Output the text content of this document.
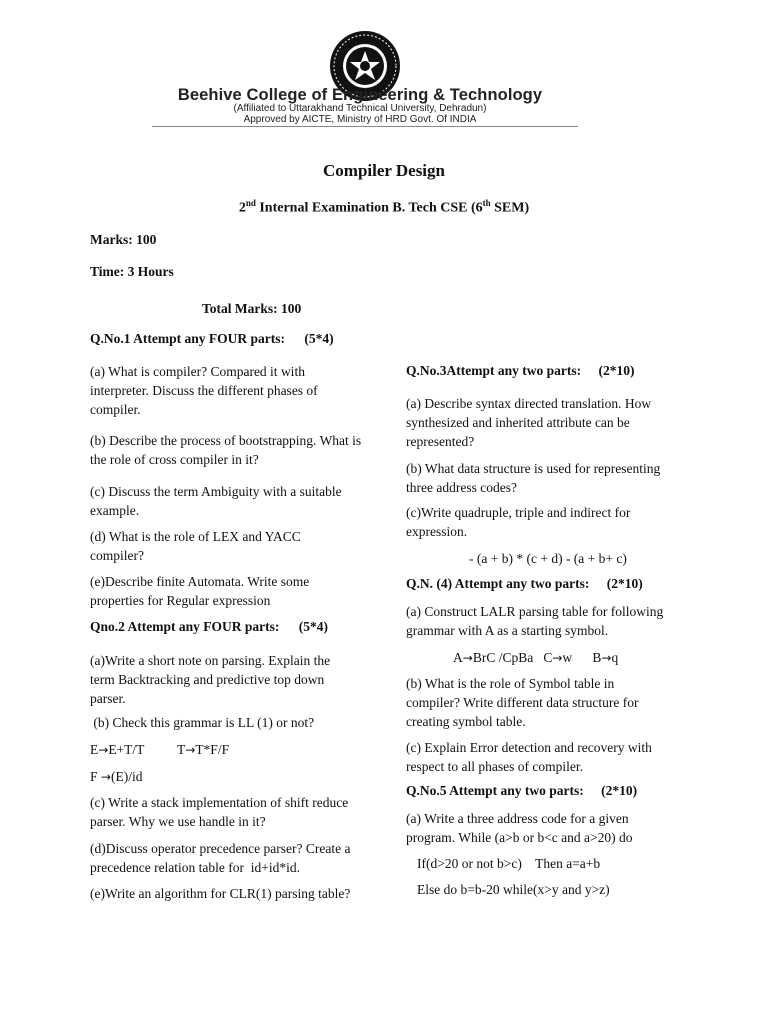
Beehive College of Engineering & Technology
(Affiliated to Uttarakhand Technical University, Dehradun)
Approved by AICTE, Ministry of HRD Govt. Of INDIA
Compiler Design
2nd Internal Examination B. Tech CSE (6th SEM)
Marks: 100
Time: 3 Hours
Total Marks: 100
Q.No.1 Attempt any FOUR parts: (5*4)
(a) What is compiler? Compared it with interpreter. Discuss the different phases of compiler.
(b) Describe the process of bootstrapping. What is the role of cross compiler in it?
(c) Discuss the term Ambiguity with a suitable example.
(d) What is the role of LEX and YACC compiler?
(e)Describe finite Automata. Write some properties for Regular expression
Qno.2 Attempt any FOUR parts: (5*4)
(a)Write a short note on parsing. Explain the term Backtracking and predictive top down parser.
(b) Check this grammar is LL (1) or not?
E→E+T/T T→T*F/F
F →(E)/id
(c) Write a stack implementation of shift reduce parser. Why we use handle in it?
(d)Discuss operator precedence parser? Create a precedence relation table for  id+id*id.
(e)Write an algorithm for CLR(1) parsing table?
Q.No.3Attempt any two parts: (2*10)
(a) Describe syntax directed translation. How synthesized and inherited attribute can be represented?
(b) What data structure is used for representing three address codes?
(c)Write quadruple, triple and indirect for expression.
- (a + b) * (c + d) - (a + b+ c)
Q.N. (4) Attempt any two parts: (2*10)
(a) Construct LALR parsing table for following grammar with A as a starting symbol.
A→BrC /CpBa C→w B→q
(b) What is the role of Symbol table in compiler? Write different data structure for creating symbol table.
(c) Explain Error detection and recovery with respect to all phases of compiler.
Q.No.5 Attempt any two parts: (2*10)
(a) Write a three address code for a given program. While (a>b or b<c and a>20) do
If(d>20 or not b>c)    Then a=a+b
Else do b=b-20 while(x>y and y>z)
